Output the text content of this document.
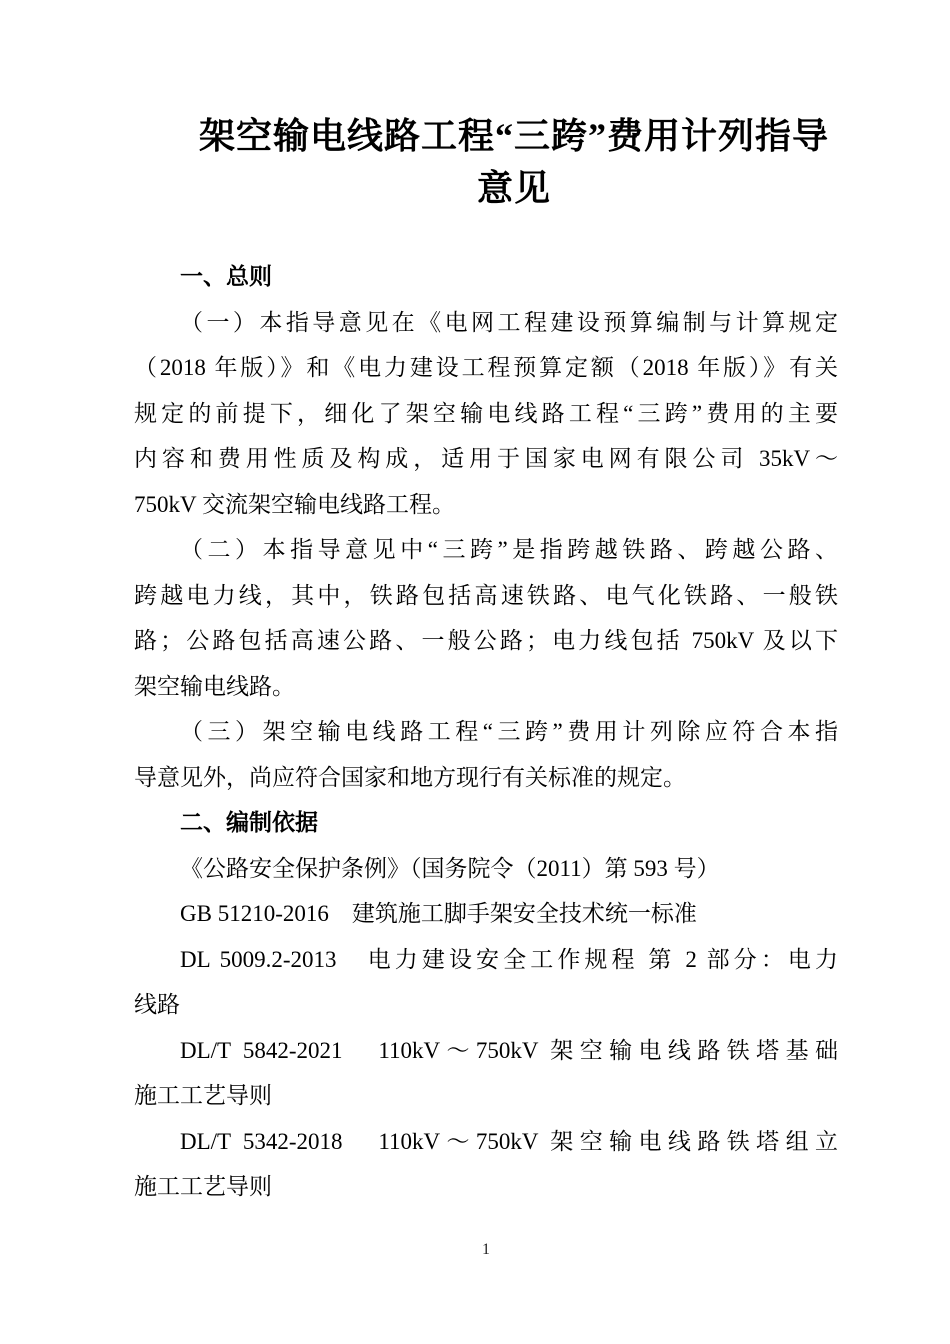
架空输电线路工程“三跨”费用计列指导
意见
一、总则
（一）本指导意见在《电网工程建设预算编制与计算规定
（2018 年版）》和《电力建设工程预算定额（2018 年版）》有关
规定的前提下，细化了架空输电线路工程“三跨”费用的主要
内容和费用性质及构成，适用于国家电网有限公司 35kV～
750kV 交流架空输电线路工程。
（二）本指导意见中“三跨”是指跨越铁路、跨越公路、
跨越电力线，其中，铁路包括高速铁路、电气化铁路、一般铁
路；公路包括高速公路、一般公路；电力线包括 750kV 及以下
架空输电线路。
（三）架空输电线路工程“三跨”费用计列除应符合本指
导意见外，尚应符合国家和地方现行有关标准的规定。
二、编制依据
《公路安全保护条例》（国务院令（2011）第 593 号）
GB 51210-2016　建筑施工脚手架安全技术统一标准
DL 5009.2-2013　电力建设安全工作规程 第 2 部分：电力
线路
DL/T 5842-2021　110kV～750kV 架空输电线路铁塔基础
施工工艺导则
DL/T 5342-2018　110kV～750kV 架空输电线路铁塔组立
施工工艺导则
1
